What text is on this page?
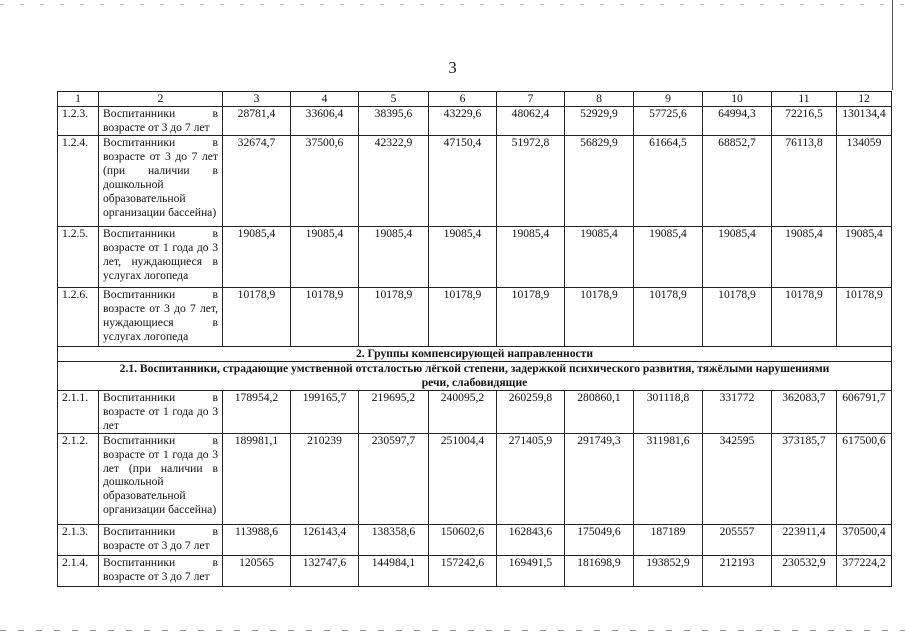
3
1	2	3	4	5	6	7	8	9	10	11	12
1.2.3.	Воспитанники в возрасте от 3 до 7 лет	28781,4	33606,4	38395,6	43229,6	48062,4	52929,9	57725,6	64994,3	72216,5	130134,4
1.2.4.	Воспитанники в возрасте от 3 до 7 лет (при наличии в дошкольной образовательной организации бассейна)	32674,7	37500,6	42322,9	47150,4	51972,8	56829,9	61664,5	68852,7	76113,8	134059
1.2.5.	Воспитанники в возрасте от 1 года до 3 лет, нуждающиеся в услугах логопеда	19085,4	19085,4	19085,4	19085,4	19085,4	19085,4	19085,4	19085,4	19085,4	19085,4
1.2.6.	Воспитанники в возрасте от 3 до 7 лет, нуждающиеся в услугах логопеда	10178,9	10178,9	10178,9	10178,9	10178,9	10178,9	10178,9	10178,9	10178,9	10178,9
2. Группы компенсирующей направленности											
2.1. Воспитанники, страдающие умственной отсталостью лёгкой степени, задержкой психического развития, тяжёлыми нарушениями речи, слабовидящие											
2.1.1.	Воспитанники в возрасте от 1 года до 3 лет	178954,2	199165,7	219695,2	240095,2	260259,8	280860,1	301118,8	331772	362083,7	606791,7
2.1.2.	Воспитанники в возрасте от 1 года до 3 лет (при наличии в дошкольной образовательной организации бассейна)	189981,1	210239	230597,7	251004,4	271405,9	291749,3	311981,6	342595	373185,7	617500,6
2.1.3.	Воспитанники в возрасте от 3 до 7 лет	113988,6	126143,4	138358,6	150602,6	162843,6	175049,6	187189	205557	223911,4	370500,4
2.1.4.	Воспитанники в возрасте от 3 до 7 лет	120565	132747,6	144984,1	157242,6	169491,5	181698,9	193852,9	212193	230532,9	377224,2
